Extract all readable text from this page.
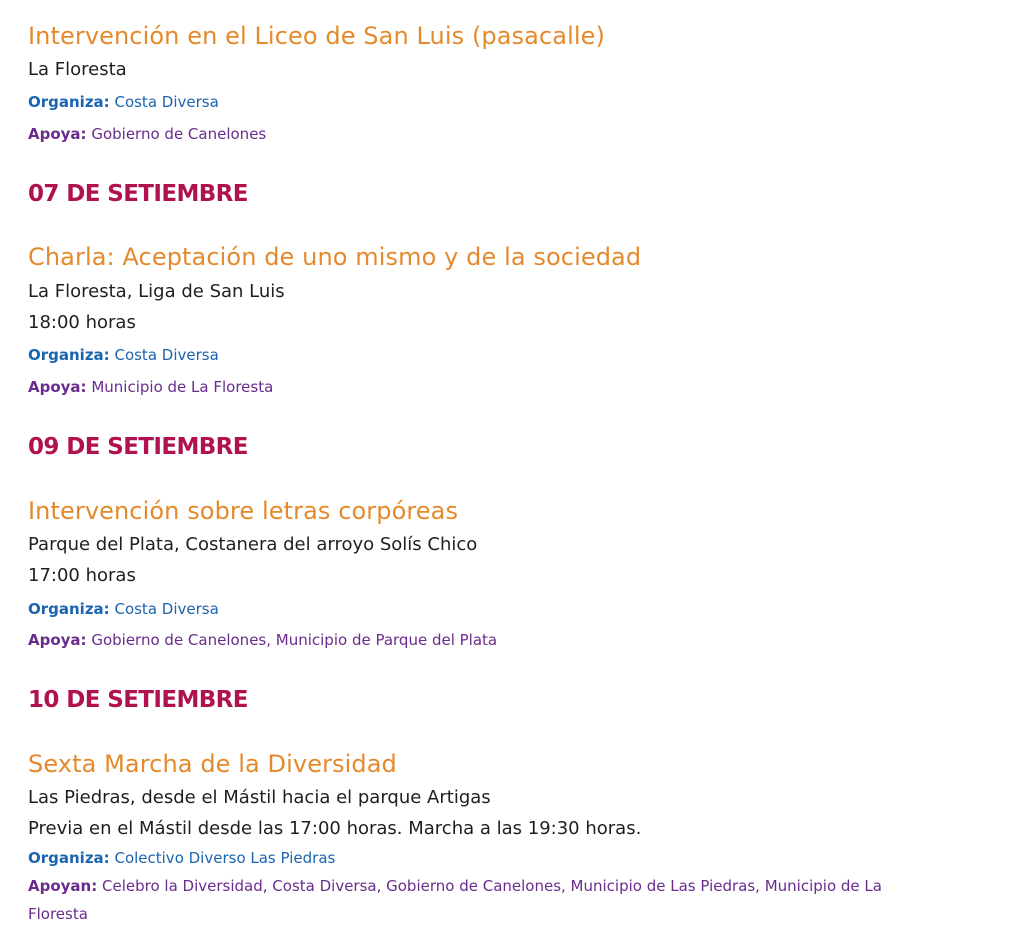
Intervención en el Liceo de San Luis (pasacalle)
La Floresta
Organiza: Costa Diversa
Apoya: Gobierno de Canelones
07 DE SETIEMBRE
Charla: Aceptación de uno mismo y de la sociedad
La Floresta, Liga de San Luis
18:00 horas
Organiza: Costa Diversa
Apoya: Municipio de La Floresta
09 DE SETIEMBRE
Intervención sobre letras corpóreas
Parque del Plata, Costanera del arroyo Solís Chico
17:00 horas
Organiza: Costa Diversa
Apoya: Gobierno de Canelones, Municipio de Parque del Plata
10 DE SETIEMBRE
Sexta Marcha de la Diversidad
Las Piedras, desde el Mástil hacia el parque Artigas
Previa en el Mástil desde las 17:00 horas. Marcha a las 19:30 horas.
Organiza: Colectivo Diverso Las Piedras
Apoyan: Celebro la Diversidad, Costa Diversa, Gobierno de Canelones, Municipio de Las Piedras, Municipio de La Floresta
